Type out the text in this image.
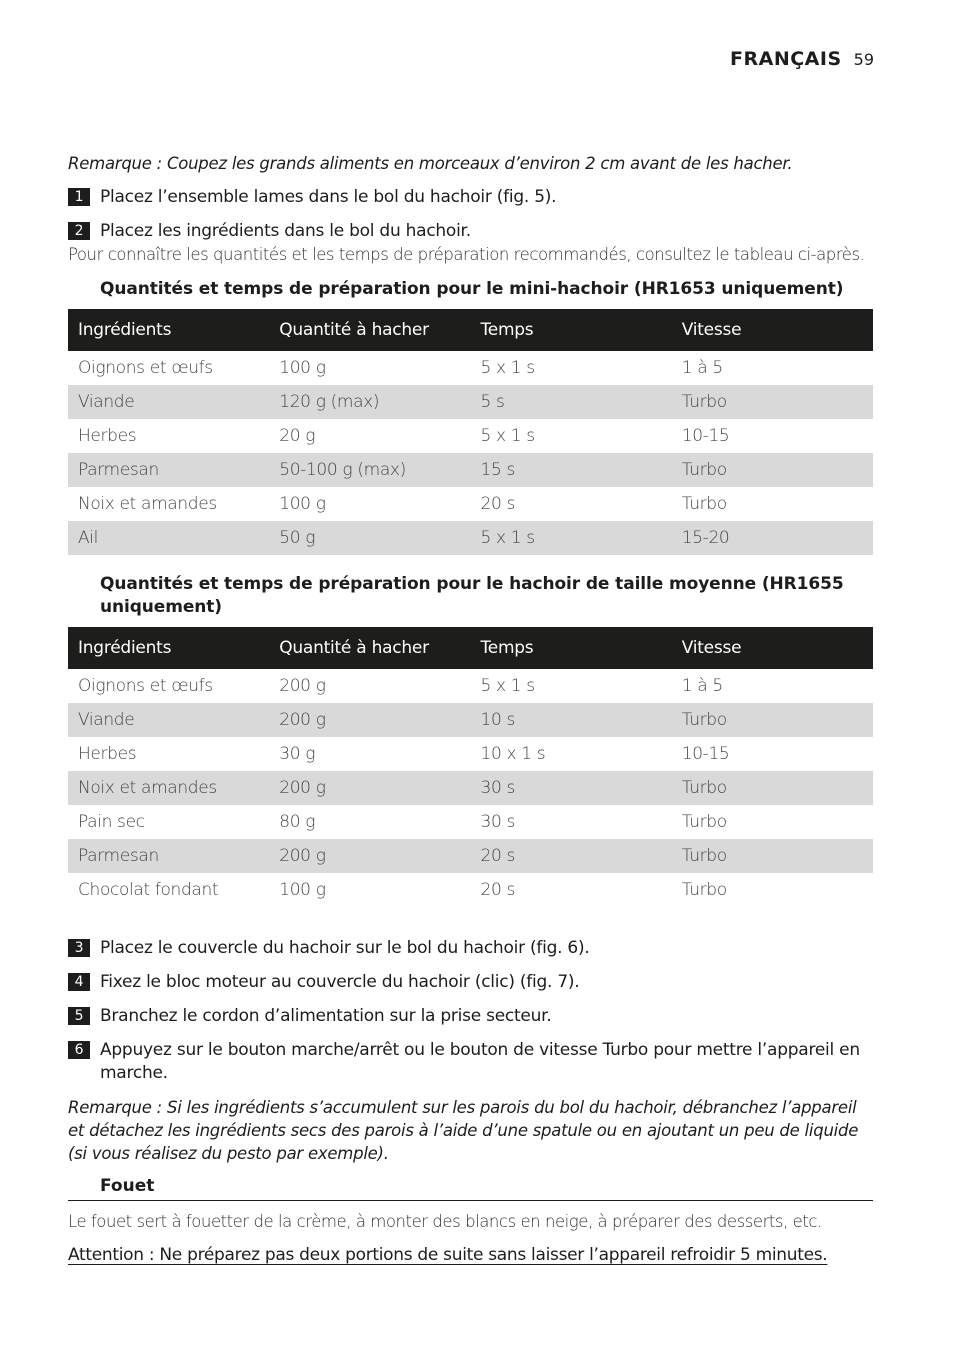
FRANÇAIS 59
Remarque : Coupez les grands aliments en morceaux d’environ 2 cm avant de les hacher.
1 Placez l’ensemble lames dans le bol du hachoir (fig. 5).
2 Placez les ingrédients dans le bol du hachoir.
Pour connaître les quantités et les temps de préparation recommandés, consultez le tableau ci-après.
Quantités et temps de préparation pour le mini-hachoir (HR1653 uniquement)
Ingrédients	Quantité à hacher	Temps	Vitesse
Oignons et œufs	100 g	5 x 1 s	1 à 5
Viande	120 g (max)	5 s	Turbo
Herbes	20 g	5 x 1 s	10-15
Parmesan	50-100 g (max)	15 s	Turbo
Noix et amandes	100 g	20 s	Turbo
Ail	50 g	5 x 1 s	15-20
Quantités et temps de préparation pour le hachoir de taille moyenne (HR1655 uniquement)
Ingrédients	Quantité à hacher	Temps	Vitesse
Oignons et œufs	200 g	5 x 1 s	1 à 5
Viande	200 g	10 s	Turbo
Herbes	30 g	10 x 1 s	10-15
Noix et amandes	200 g	30 s	Turbo
Pain sec	80 g	30 s	Turbo
Parmesan	200 g	20 s	Turbo
Chocolat fondant	100 g	20 s	Turbo
3 Placez le couvercle du hachoir sur le bol du hachoir (fig. 6).
4 Fixez le bloc moteur au couvercle du hachoir (clic) (fig. 7).
5 Branchez le cordon d’alimentation sur la prise secteur.
6 Appuyez sur le bouton marche/arrêt ou le bouton de vitesse Turbo pour mettre l’appareil en marche.
Remarque : Si les ingrédients s’accumulent sur les parois du bol du hachoir, débranchez l’appareil et détachez les ingrédients secs des parois à l’aide d’une spatule ou en ajoutant un peu de liquide (si vous réalisez du pesto par exemple).
Fouet
Le fouet sert à fouetter de la crème, à monter des blancs en neige, à préparer des desserts, etc.
Attention : Ne préparez pas deux portions de suite sans laisser l’appareil refroidir 5 minutes.
